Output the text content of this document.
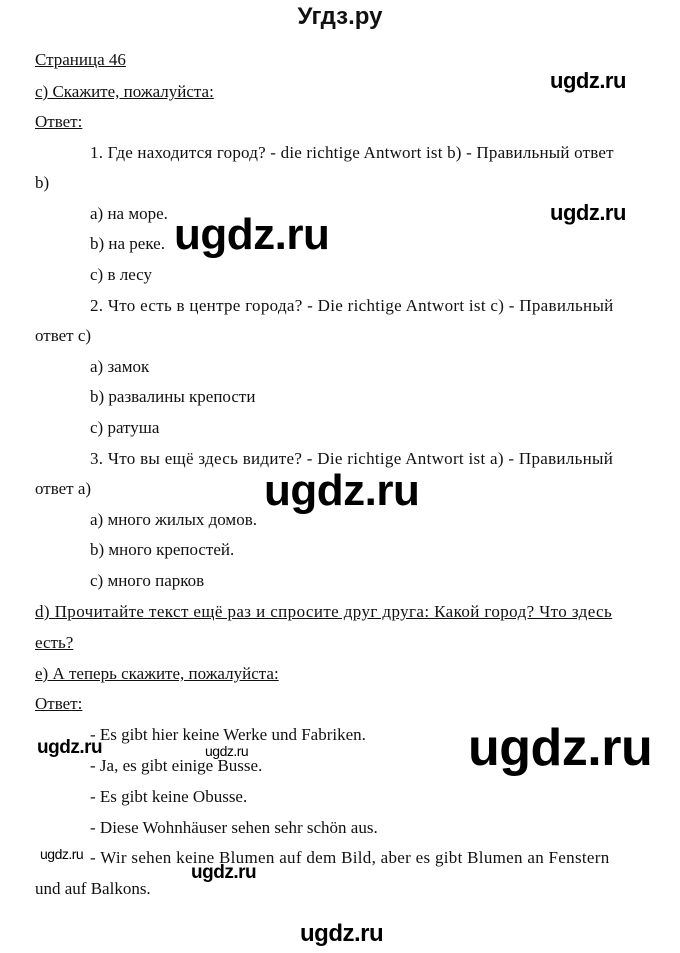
Угдз.ру
Страница 46
c) Скажите, пожалуйста:
Ответ:
1. Где находится город? - die richtige Antwort ist b) - Правильный ответ
b)
a) на море.
b) на реке.
c) в лесу
2. Что есть в центре города? - Die richtige Antwort ist c) - Правильный
ответ c)
a) замок
b) развалины крепости
c) ратуша
3. Что вы ещё здесь видите? - Die richtige Antwort ist a) - Правильный
ответ a)
a) много жилых домов.
b) много крепостей.
c) много парков
d) Прочитайте текст ещё раз и спросите друг друга: Какой город? Что здесь
есть?
e) А теперь скажите, пожалуйста:
Ответ:
- Es gibt hier keine Werke und Fabriken.
- Ja, es gibt einige Busse.
- Es gibt keine Obusse.
- Diese Wohnhäuser sehen sehr schön aus.
- Wir sehen keine Blumen auf dem Bild, aber es gibt Blumen an Fenstern
und auf Balkons.
ugdz.ru
ugdz.ru
ugdz.ru
ugdz.ru
ugdz.ru
ugdz.ru	ugdz.ru
ugdz.ru
ugdz.ru
ugdz.ru
